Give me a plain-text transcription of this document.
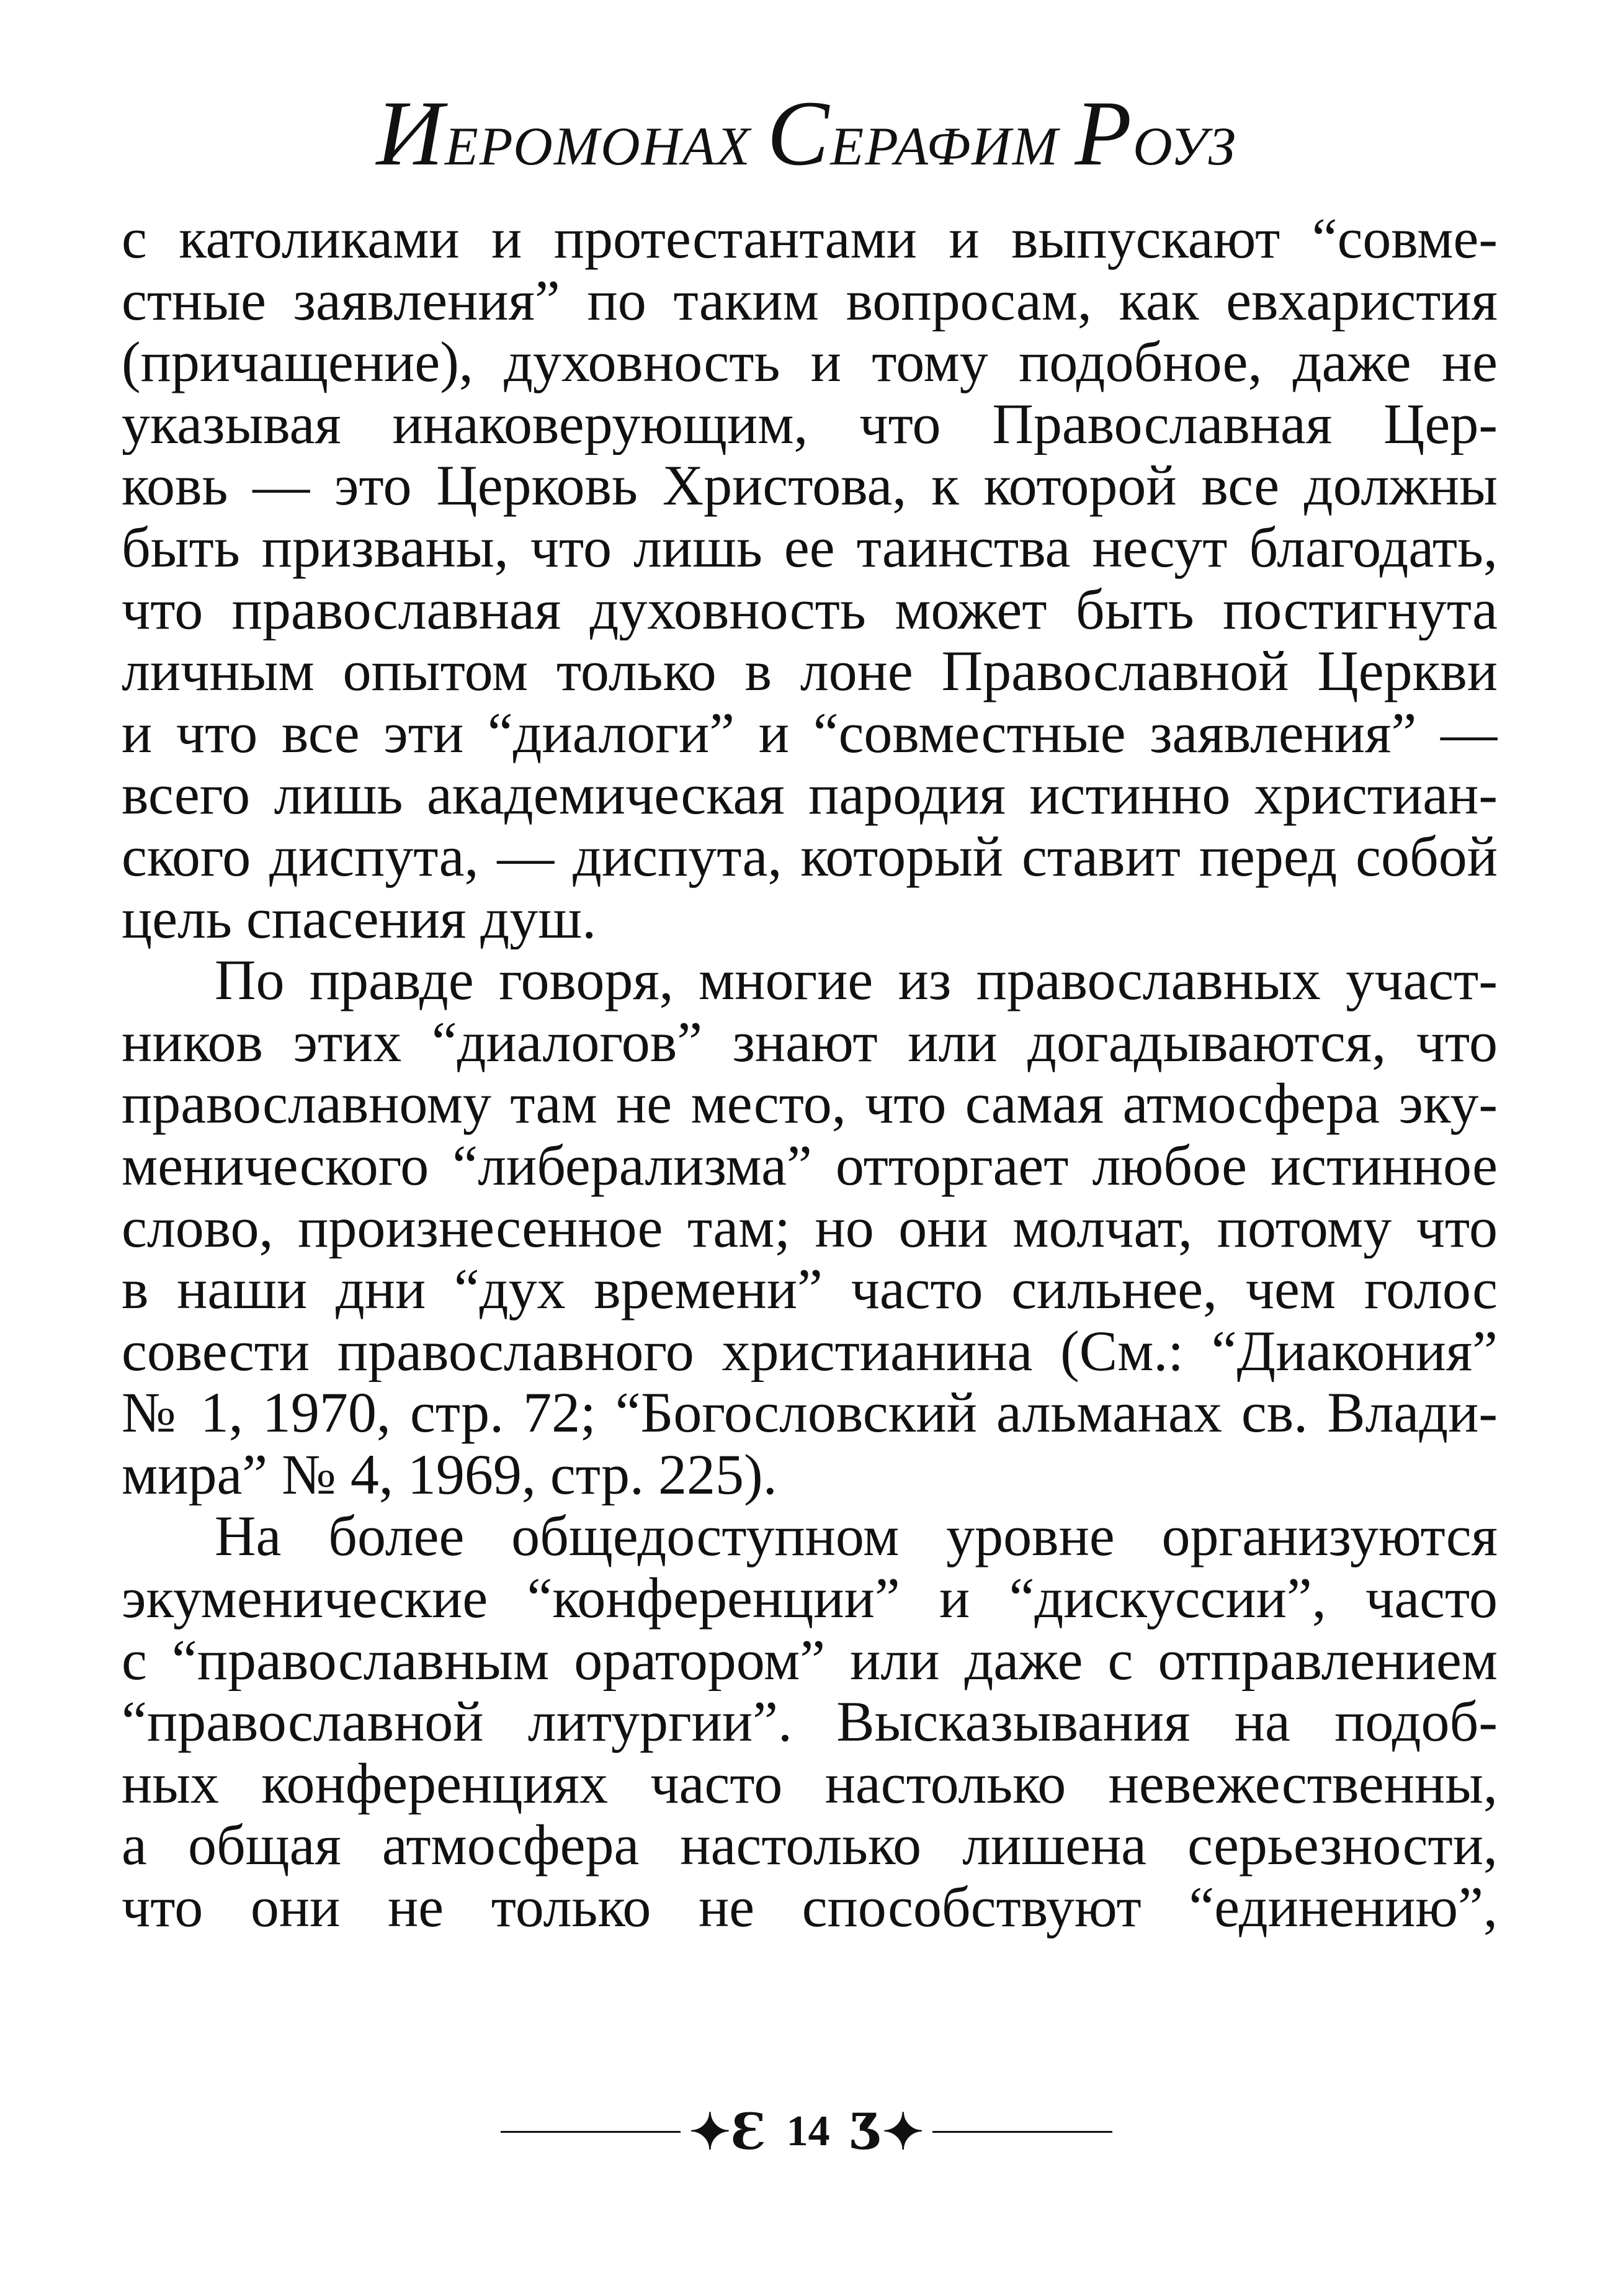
ИЕРОМОНАХ СЕРАФИМ РОУЗ
с католиками и протестантами и выпускают “совме-
стные заявления” по таким вопросам, как евхаристия
(причащение), духовность и тому подобное, даже не
указывая инаковерующим, что Православная Цер-
ковь — это Церковь Христова, к которой все должны
быть призваны, что лишь ее таинства несут благодать,
что православная духовность может быть постигнута
личным опытом только в лоне Православной Церкви
и что все эти “диалоги” и “совместные заявления” —
всего лишь академическая пародия истинно христиан-
ского диспута, — диспута, который ставит перед собой
цель спасения душ.
По правде говоря, многие из православных участ-
ников этих “диалогов” знают или догадываются, что
православному там не место, что самая атмосфера эку-
менического “либерализма” отторгает любое истинное
слово, произнесенное там; но они молчат, потому что
в наши дни “дух времени” часто сильнее, чем голос
совести православного христианина (См.: “Диакония”
№ 1, 1970, стр. 72; “Богословский альманах св. Влади-
мира” № 4, 1969, стр. 225).
На более общедоступном уровне организуются
экуменические “конференции” и “дискуссии”, часто
с “православным оратором” или даже с отправлением
“православной литургии”. Высказывания на подоб-
ных конференциях часто настолько невежественны,
а общая атмосфера настолько лишена серьезности,
что они не только не способствуют “единению”,
✦Ɛ 14 Ʒ✦
